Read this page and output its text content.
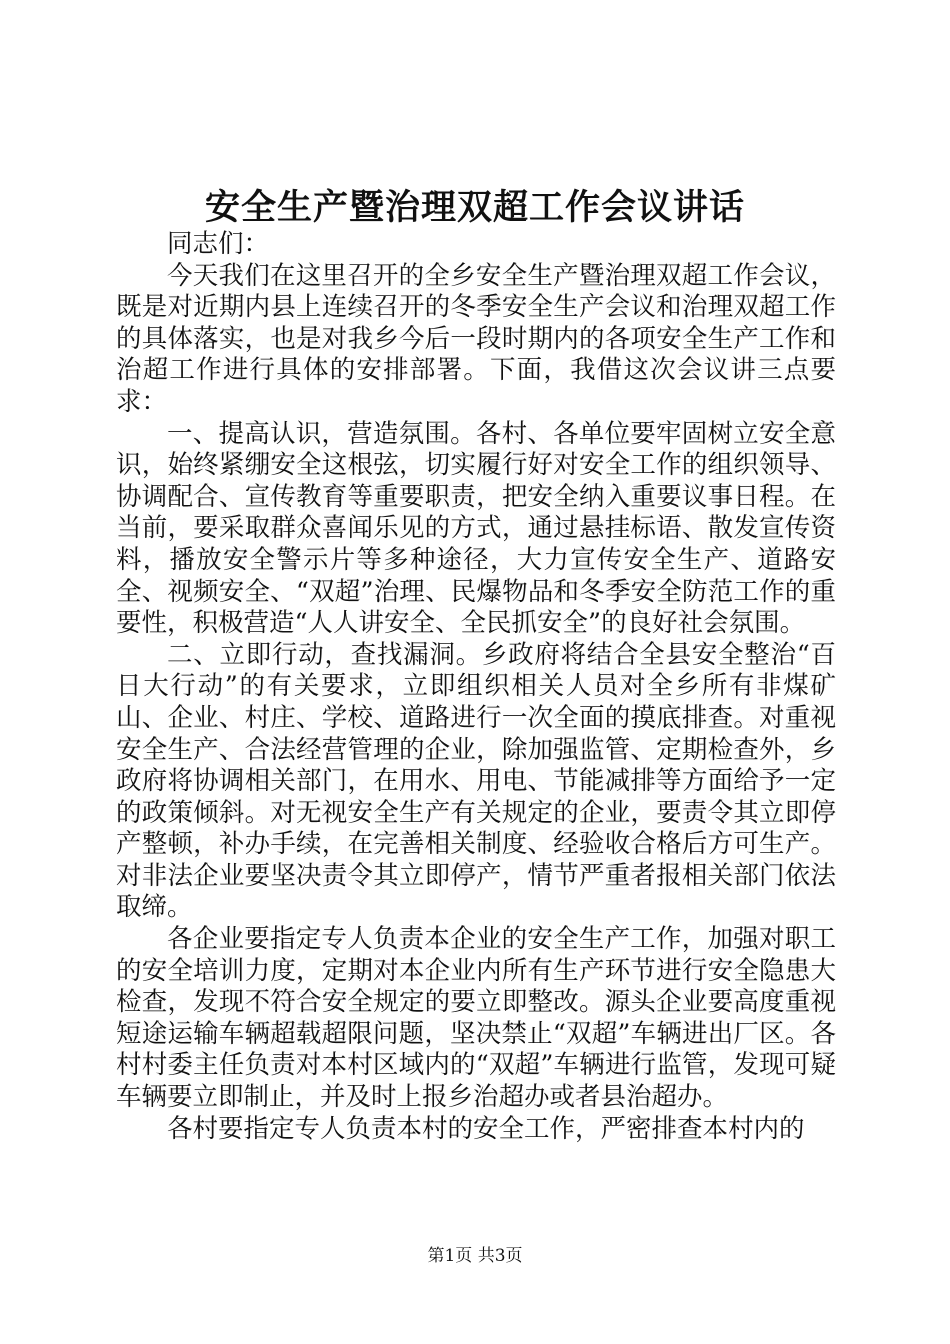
安全生产暨治理双超工作会议讲话

同志们：

今天我们在这里召开的全乡安全生产暨治理双超工作会议，既是对近期内县上连续召开的冬季安全生产会议和治理双超工作的具体落实，也是对我乡今后一段时期内的各项安全生产工作和治超工作进行具体的安排部署。下面，我借这次会议讲三点要求：

一、提高认识，营造氛围。各村、各单位要牢固树立安全意识，始终紧绷安全这根弦，切实履行好对安全工作的组织领导、协调配合、宣传教育等重要职责，把安全纳入重要议事日程。在当前，要采取群众喜闻乐见的方式，通过悬挂标语、散发宣传资料，播放安全警示片等多种途径，大力宣传安全生产、道路安全、视频安全、“双超”治理、民爆物品和冬季安全防范工作的重要性，积极营造“人人讲安全、全民抓安全”的良好社会氛围。

二、立即行动，查找漏洞。乡政府将结合全县安全整治“百日大行动”的有关要求，立即组织相关人员对全乡所有非煤矿山、企业、村庄、学校、道路进行一次全面的摸底排查。对重视安全生产、合法经营管理的企业，除加强监管、定期检查外，乡政府将协调相关部门，在用水、用电、节能减排等方面给予一定的政策倾斜。对无视安全生产有关规定的企业，要责令其立即停产整顿，补办手续，在完善相关制度、经验收合格后方可生产。对非法企业要坚决责令其立即停产，情节严重者报相关部门依法取缔。

各企业要指定专人负责本企业的安全生产工作，加强对职工的安全培训力度，定期对本企业内所有生产环节进行安全隐患大检查，发现不符合安全规定的要立即整改。源头企业要高度重视短途运输车辆超载超限问题，坚决禁止“双超”车辆进出厂区。各村村委主任负责对本村区域内的“双超”车辆进行监管，发现可疑车辆要立即制止，并及时上报乡治超办或者县治超办。

各村要指定专人负责本村的安全工作，严密排查本村内的

第1页 共3页
